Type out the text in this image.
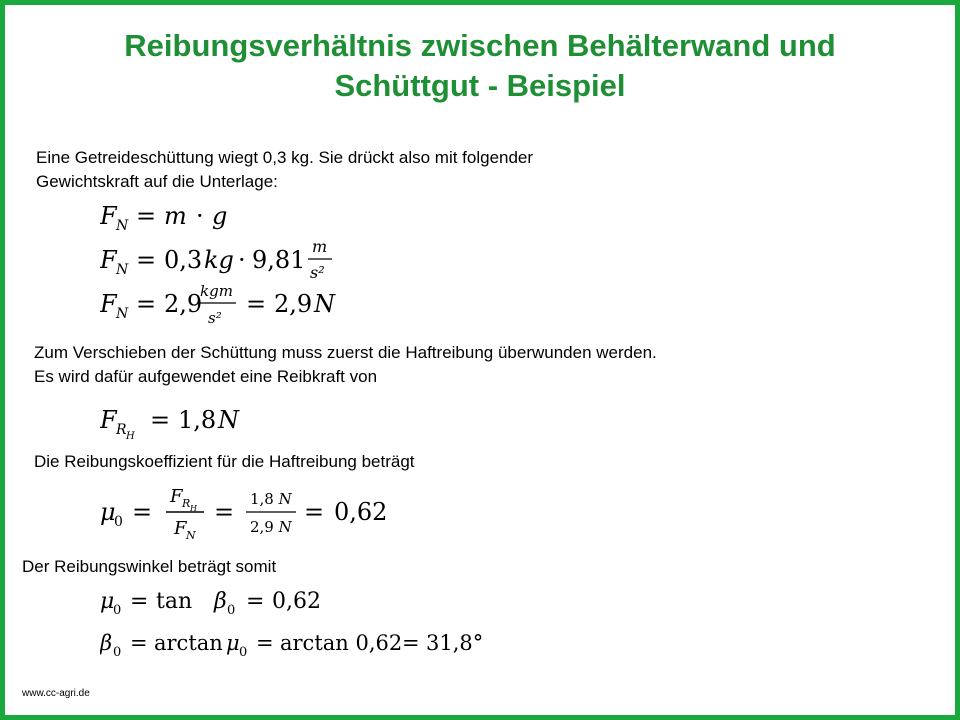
Reibungsverhältnis zwischen Behälterwand und
Schüttgut - Beispiel
Eine Getreideschüttung wiegt 0,3 kg. Sie drückt also mit folgender
Gewichtskraft auf die Unterlage:
F N = m · g
F N = 0,3 kg · 9,81 m
s²
F N = 2,9
kgm
s² = 2,9 N
Zum Verschieben der Schüttung muss zuerst die Haftreibung überwunden werden.
Es wird dafür aufgewendet eine Reibkraft von
F R H
= 1,8 N
Die Reibungskoeffizient für die Haftreibung beträgt
μ
0 =
F R H
F N
= 1,8 N
2,9 N
= 0,62
Der Reibungswinkel beträgt somit
μ
0 = tan β 0 = 0,62
β 0 = arctan μ 0 = arctan 0,62 = 31,8°
www.cc-agri.de
